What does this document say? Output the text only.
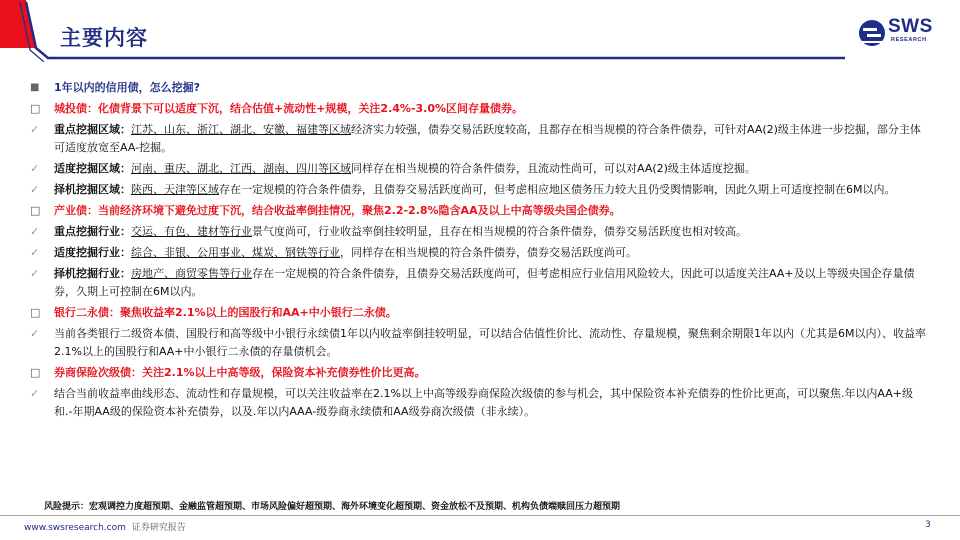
主要内容	SWS
RESEARCH
■	1年以内的信用债，怎么挖掘?
□	城投债：化债背景下可以适度下沉，结合估值+流动性+规模，关注2.4%-3.0%区间存量债券。
✓	重点挖掘区域：江苏、山东、浙江、湖北、安徽、福建等区域经济实力较强，债券交易活跃度较高，且都存在相当规模的符合条件债券，可针对AA(2)级主体进一步挖掘，部分主体可适度放宽至AA-挖掘。
✓	适度挖掘区域：河南、重庆、湖北、江西、湖南、四川等区域同样存在相当规模的符合条件债券，且流动性尚可，可以对AA(2)级主体适度挖掘。
✓	择机挖掘区域：陕西、天津等区域存在一定规模的符合条件债券，且债券交易活跃度尚可，但考虑相应地区债务压力较大且仍受舆情影响，因此久期上可适度控制在6M以内。
□	产业债：当前经济环境下避免过度下沉，结合收益率倒挂情况，聚焦2.2-2.8%隐含AA及以上中高等级央国企债券。
✓	重点挖掘行业：交运、有色、建材等行业景气度尚可，行业收益率倒挂较明显，且存在相当规模的符合条件债券，债券交易活跃度也相对较高。
✓	适度挖掘行业：综合、非银、公用事业、煤炭、钢铁等行业，同样存在相当规模的符合条件债券，债券交易活跃度尚可。
✓	择机挖掘行业：房地产、商贸零售等行业存在一定规模的符合条件债券，且债券交易活跃度尚可，但考虑相应行业信用风险较大，因此可以适度关注AA+及以上等级央国企存量债券，久期上可控制在6M以内。
□	银行二永债：聚焦收益率2.1%以上的国股行和AA+中小银行二永债。
✓	当前各类银行二级资本债、国股行和高等级中小银行永续债1年以内收益率倒挂较明显，可以结合估值性价比、流动性、存量规模，聚焦剩余期限1年以内（尤其是6M以内）、收益率2.1%以上的国股行和AA+中小银行二永债的存量债机会。
□	券商保险次级债：关注2.1%以上中高等级，保险资本补充债券性价比更高。
✓	结合当前收益率曲线形态、流动性和存量规模，可以关注收益率在2.1%以上中高等级券商保险次级债的参与机会，其中保险资本补充债券的性价比更高，可以聚焦.年以内AA+级和.-年期AA级的保险资本补充债券，以及.年以内AAA-级券商永续债和AA级券商次级债（非永续）。
风险提示：宏观调控力度超预期、金融监管超预期、市场风险偏好超预期、海外环境变化超预期、资金放松不及预期、机构负债端赎回压力超预期
www.swsresearch.com 证券研究报告	3
